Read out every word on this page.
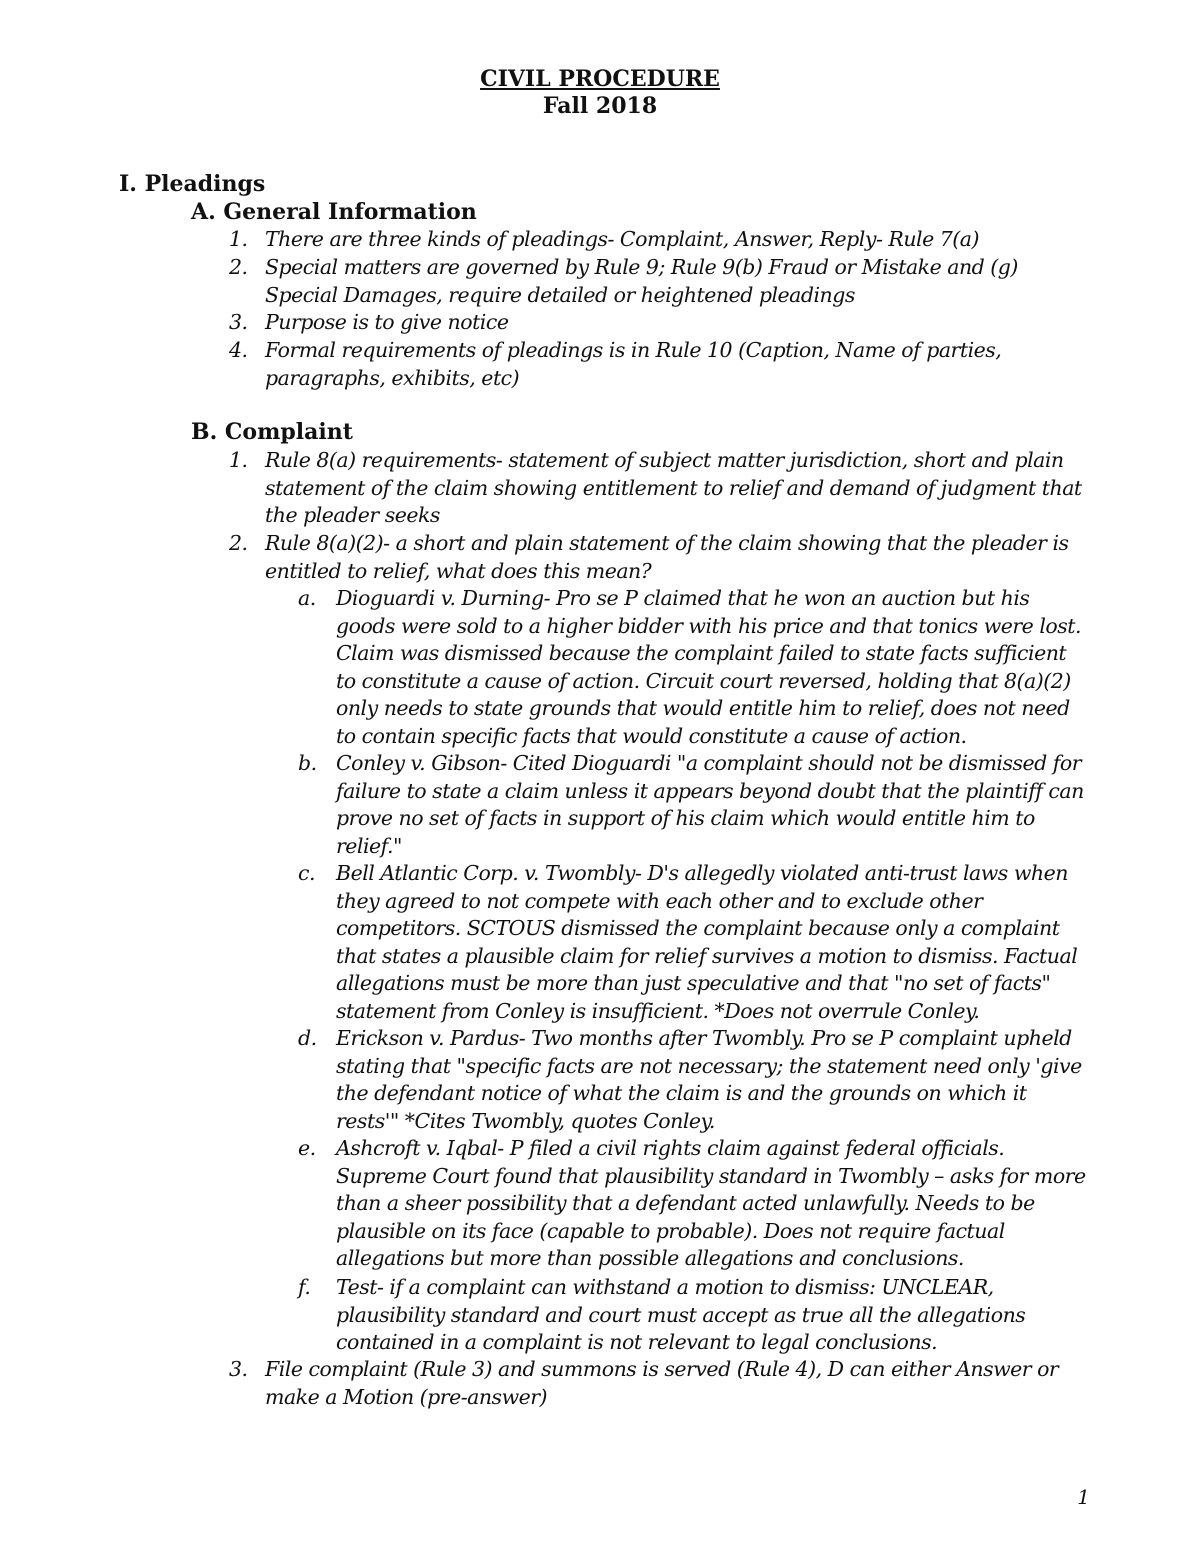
CIVIL PROCEDURE
Fall 2018
I. Pleadings
A. General Information
1. There are three kinds of pleadings- Complaint, Answer, Reply- Rule 7(a)
2. Special matters are governed by Rule 9; Rule 9(b) Fraud or Mistake and (g) Special Damages, require detailed or heightened pleadings
3. Purpose is to give notice
4. Formal requirements of pleadings is in Rule 10 (Caption, Name of parties, paragraphs, exhibits, etc)
B. Complaint
1. Rule 8(a) requirements- statement of subject matter jurisdiction, short and plain statement of the claim showing entitlement to relief and demand of judgment that the pleader seeks
2. Rule 8(a)(2)- a short and plain statement of the claim showing that the pleader is entitled to relief, what does this mean?
a. Dioguardi v. Durning- Pro se P claimed that he won an auction but his goods were sold to a higher bidder with his price and that tonics were lost. Claim was dismissed because the complaint failed to state facts sufficient to constitute a cause of action. Circuit court reversed, holding that 8(a)(2) only needs to state grounds that would entitle him to relief, does not need to contain specific facts that would constitute a cause of action.
b. Conley v. Gibson- Cited Dioguardi "a complaint should not be dismissed for failure to state a claim unless it appears beyond doubt that the plaintiff can prove no set of facts in support of his claim which would entitle him to relief."
c. Bell Atlantic Corp. v. Twombly- D's allegedly violated anti-trust laws when they agreed to not compete with each other and to exclude other competitors. SCTOUS dismissed the complaint because only a complaint that states a plausible claim for relief survives a motion to dismiss. Factual allegations must be more than just speculative and that "no set of facts" statement from Conley is insufficient. *Does not overrule Conley.
d. Erickson v. Pardus- Two months after Twombly. Pro se P complaint upheld stating that "specific facts are not necessary; the statement need only 'give the defendant notice of what the claim is and the grounds on which it rests'" *Cites Twombly, quotes Conley.
e. Ashcroft v. Iqbal- P filed a civil rights claim against federal officials. Supreme Court found that plausibility standard in Twombly – asks for more than a sheer possibility that a defendant acted unlawfully. Needs to be plausible on its face (capable to probable). Does not require factual allegations but more than possible allegations and conclusions.
f. Test- if a complaint can withstand a motion to dismiss: UNCLEAR, plausibility standard and court must accept as true all the allegations contained in a complaint is not relevant to legal conclusions.
3. File complaint (Rule 3) and summons is served (Rule 4), D can either Answer or make a Motion (pre-answer)
1
